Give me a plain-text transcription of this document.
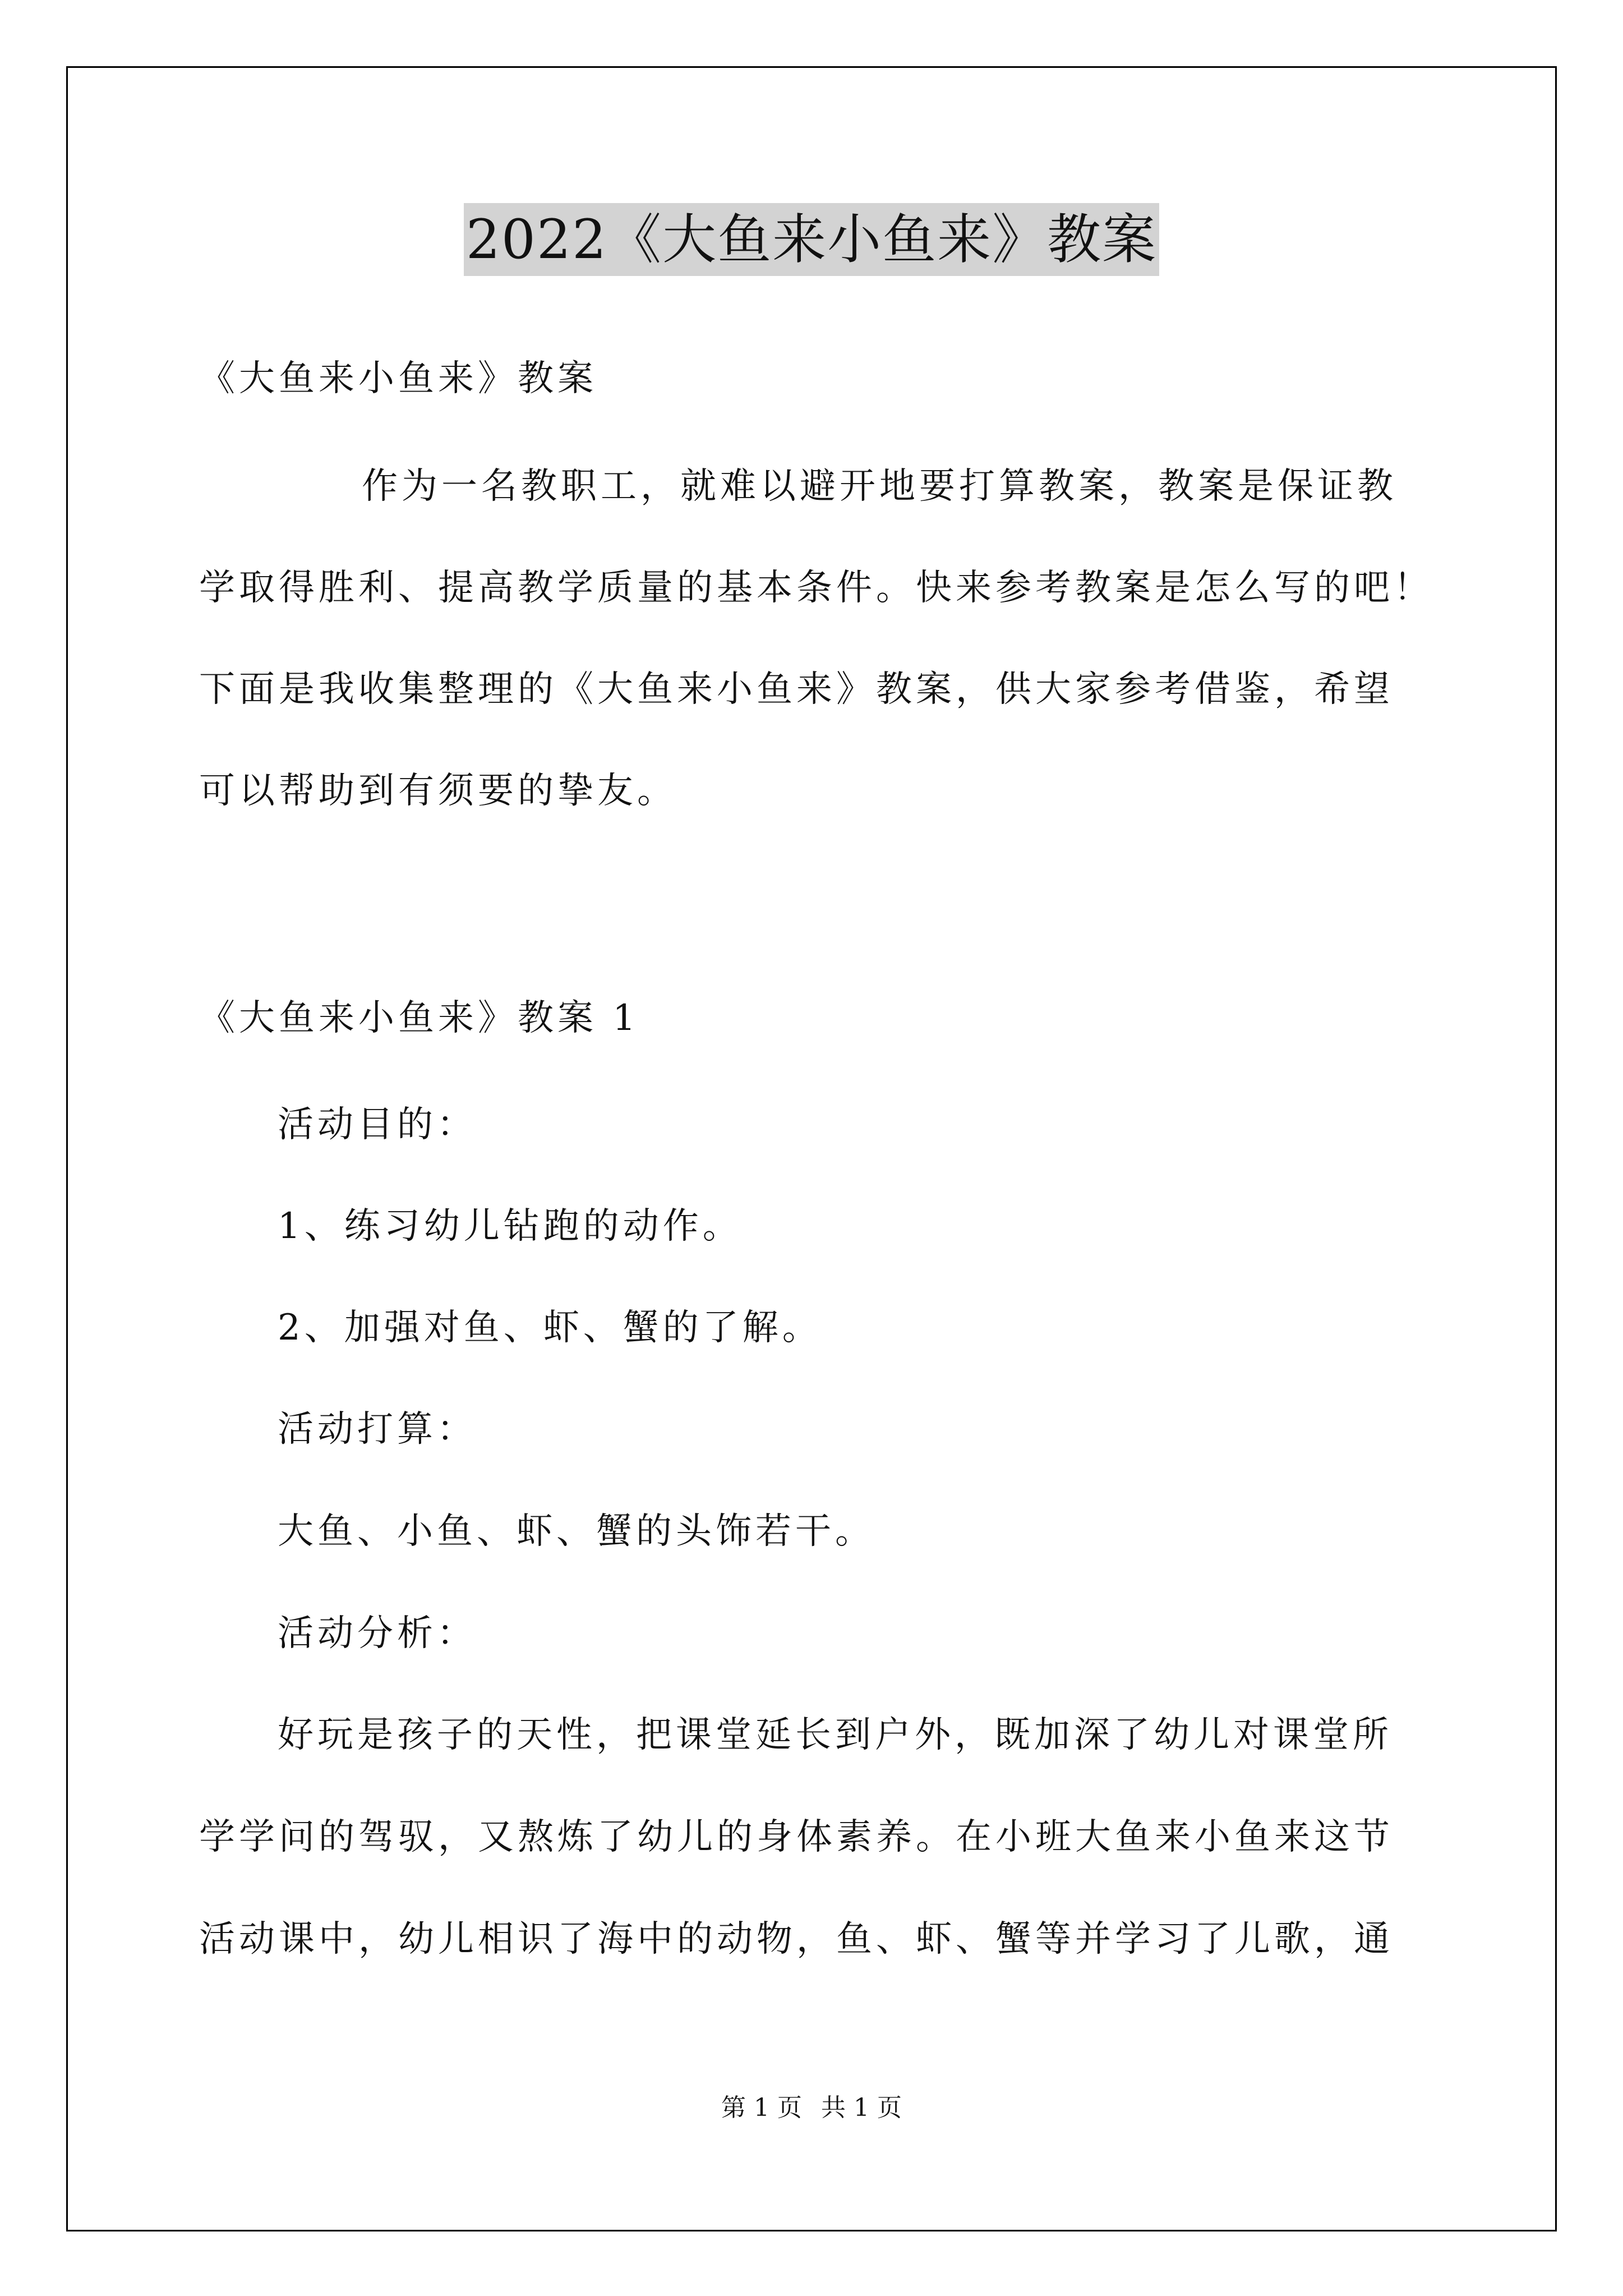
2022《大鱼来小鱼来》教案
《大鱼来小鱼来》教案
作为一名教职工，就难以避开地要打算教案，教案是保证教
学取得胜利、提高教学质量的基本条件。快来参考教案是怎么写的吧！
下面是我收集整理的《大鱼来小鱼来》教案，供大家参考借鉴，希望
可以帮助到有须要的挚友。
《大鱼来小鱼来》教案 1
活动目的：
1、练习幼儿钻跑的动作。
2、加强对鱼、虾、蟹的了解。
活动打算：
大鱼、小鱼、虾、蟹的头饰若干。
活动分析：
好玩是孩子的天性，把课堂延长到户外，既加深了幼儿对课堂所
学学问的驾驭，又熬炼了幼儿的身体素养。在小班大鱼来小鱼来这节
活动课中，幼儿相识了海中的动物，鱼、虾、蟹等并学习了儿歌，通
第 1 页 共 1 页
